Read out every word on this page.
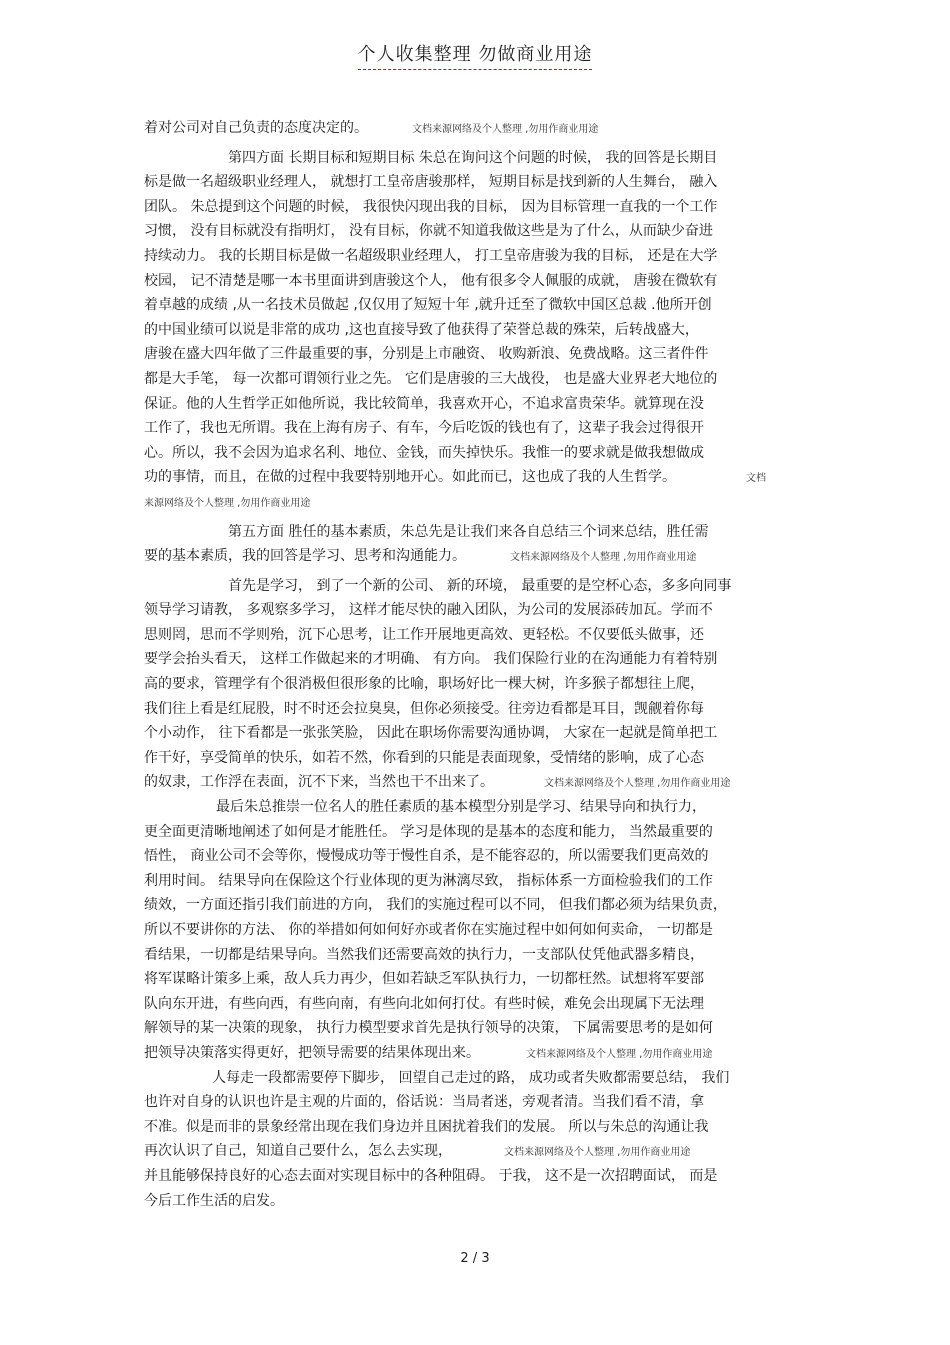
个人收集整理 勿做商业用途
着对公司对自己负责的态度决定的。	文档来源网络及个人整理 ,勿用作商业用途
第四方面 长期目标和短期目标 朱总在询问这个问题的时候， 我的回答是长期目
标是做一名超级职业经理人， 就想打工皇帝唐骏那样， 短期目标是找到新的人生舞台， 融入
团队。 朱总提到这个问题的时候， 我很快闪现出我的目标， 因为目标管理一直我的一个工作
习惯， 没有目标就没有指明灯， 没有目标，你就不知道我做这些是为了什么，从而缺少奋进
持续动力。 我的长期目标是做一名超级职业经理人， 打工皇帝唐骏为我的目标， 还是在大学
校园， 记不清楚是哪一本书里面讲到唐骏这个人， 他有很多令人佩服的成就， 唐骏在微软有
着卓越的成绩 ,从一名技术员做起 ,仅仅用了短短十年 ,就升迁至了微软中国区总裁 .他所开创
的中国业绩可以说是非常的成功 ,这也直接导致了他获得了荣誉总裁的殊荣，后转战盛大，
唐骏在盛大四年做了三件最重要的事，分别是上市融资、 收购新浪、免费战略。这三者件件
都是大手笔， 每一次都可谓领行业之先。 它们是唐骏的三大战役， 也是盛大业界老大地位的
保证。他的人生哲学正如他所说，我比较简单，我喜欢开心，不追求富贵荣华。就算现在没
工作了，我也无所谓。我在上海有房子、有车，今后吃饭的钱也有了，这辈子我会过得很开
心。所以，我不会因为追求名利、地位、金钱，而失掉快乐。我惟一的要求就是做我想做成
功的事情，而且，在做的过程中我要特别地开心。如此而已，这也成了我的人生哲学。	文档
来源网络及个人整理 ,勿用作商业用途
第五方面 胜任的基本素质，朱总先是让我们来各自总结三个词来总结，胜任需
要的基本素质，我的回答是学习、思考和沟通能力。	文档来源网络及个人整理 ,勿用作商业用途
首先是学习， 到了一个新的公司、 新的环境， 最重要的是空杯心态，多多向同事
领导学习请教， 多观察多学习， 这样才能尽快的融入团队，为公司的发展添砖加瓦。学而不
思则罔，思而不学则殆，沉下心思考，让工作开展地更高效、更轻松。不仅要低头做事，还
要学会抬头看天， 这样工作做起来的才明确、 有方向。 我们保险行业的在沟通能力有着特别
高的要求，管理学有个很消极但很形象的比喻，职场好比一棵大树，许多猴子都想往上爬，
我们往上看是红屁股，时不时还会拉臭臭，但你必须接受。往旁边看都是耳目，觊觎着你每
个小动作， 往下看都是一张张笑脸， 因此在职场你需要沟通协调， 大家在一起就是简单把工
作干好，享受简单的快乐，如若不然，你看到的只能是表面现象，受情绪的影响，成了心态
的奴隶，工作浮在表面，沉不下来，当然也干不出来了。	文档来源网络及个人整理 ,勿用作商业用途
最后朱总推崇一位名人的胜任素质的基本模型分别是学习、结果导向和执行力，
更全面更清晰地阐述了如何是才能胜任。 学习是体现的是基本的态度和能力， 当然最重要的
悟性， 商业公司不会等你，慢慢成功等于慢性自杀，是不能容忍的，所以需要我们更高效的
利用时间。 结果导向在保险这个行业体现的更为淋漓尽致， 指标体系一方面检验我们的工作
绩效，一方面还指引我们前进的方向， 我们的实施过程可以不同， 但我们都必须为结果负责，
所以不要讲你的方法、 你的举措如何如何好亦或者你在实施过程中如何如何卖命， 一切都是
看结果，一切都是结果导向。当然我们还需要高效的执行力，一支部队仗凭他武器多精良，
将军谋略计策多上乘，敌人兵力再少，但如若缺乏军队执行力，一切都枉然。试想将军要部
队向东开进，有些向西，有些向南，有些向北如何打仗。有些时候，难免会出现属下无法理
解领导的某一决策的现象， 执行力模型要求首先是执行领导的决策， 下属需要思考的是如何
把领导决策落实得更好，把领导需要的结果体现出来。	文档来源网络及个人整理 ,勿用作商业用途
人每走一段都需要停下脚步， 回望自己走过的路， 成功或者失败都需要总结， 我们
也许对自身的认识也许是主观的片面的，俗话说：当局者迷，旁观者清。当我们看不清，拿
不准。似是而非的景象经常出现在我们身边并且困扰着我们的发展。 所以与朱总的沟通让我
再次认识了自己，知道自己要什么，怎么去实现，	文档来源网络及个人整理 ,勿用作商业用途
并且能够保持良好的心态去面对实现目标中的各种阻碍。 于我， 这不是一次招聘面试， 而是
今后工作生活的启发。
2 / 3
